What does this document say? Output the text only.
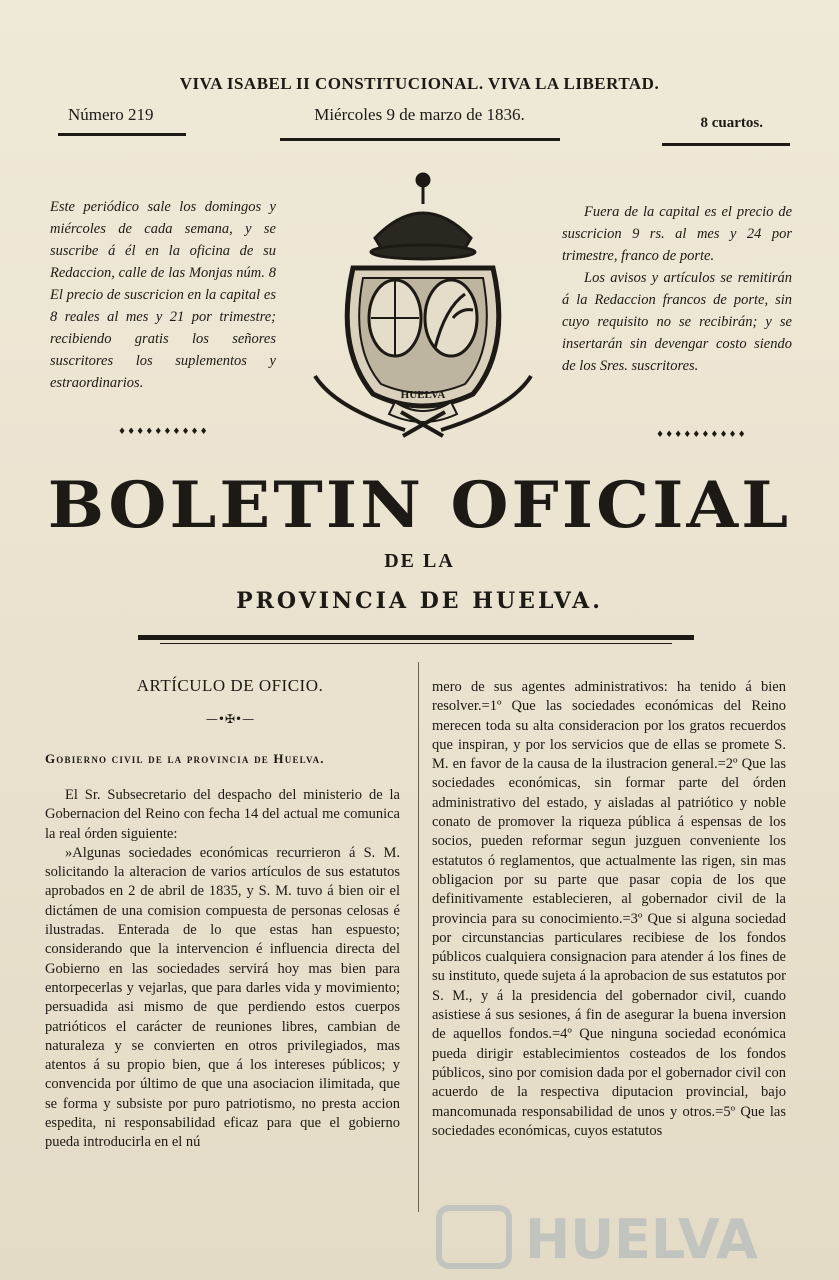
VIVA ISABEL II CONSTITUCIONAL. VIVA LA LIBERTAD.
Número 219	Miércoles 9 de marzo de 1836.	8 cuartos.
Este periódico sale los domingos y miércoles de cada semana, y se suscribe á él en la oficina de su Redaccion, calle de las Monjas núm. 8 El precio de suscricion en la capital es 8 reales al mes y 21 por trimestre; recibiendo gratis los señores suscritores los suplementos y estraordinarios.
♦♦♦♦♦♦♦♦♦♦
Fuera de la capital es el precio de suscricion 9 rs. al mes y 24 por trimestre, franco de porte.
Los avisos y artículos se remitirán á la Redaccion francos de porte, sin cuyo requisito no se recibirán; y se insertarán sin devengar costo siendo de los Sres. suscritores.
♦♦♦♦♦♦♦♦♦♦
HUELVA
BOLETIN OFICIAL
DE LA
PROVINCIA DE HUELVA.
ARTÍCULO DE OFICIO.
—•✠•—
Gobierno civil de la provincia de Huelva.

El Sr. Subsecretario del despacho del ministerio de la Gobernacion del Reino con fecha 14 del actual me comunica la real órden siguiente:

»Algunas sociedades económicas recurrieron á S. M. solicitando la alteracion de varios artículos de sus estatutos aprobados en 2 de abril de 1835, y S. M. tuvo á bien oir el dictámen de una comision compuesta de personas celosas é ilustradas. Enterada de lo que estas han espuesto; considerando que la intervencion é influencia directa del Gobierno en las sociedades servirá hoy mas bien para entorpecerlas y vejarlas, que para darles vida y movimiento; persuadida asi mismo de que perdiendo estos cuerpos patrióticos el carácter de reuniones libres, cambian de naturaleza y se convierten en otros privilegiados, mas atentos á su propio bien, que á los intereses públicos; y convencida por último de que una asociacion ilimitada, que se forma y subsiste por puro patriotismo, no presta accion espedita, ni responsabilidad eficaz para que el gobierno pueda introducirla en el nú

mero de sus agentes administrativos: ha tenido á bien resolver.=1º Que las sociedades económicas del Reino merecen toda su alta consideracion por los gratos recuerdos que inspiran, y por los servicios que de ellas se promete S. M. en favor de la causa de la ilustracion general.=2º Que las sociedades económicas, sin formar parte del órden administrativo del estado, y aisladas al patriótico y noble conato de promover la riqueza pública á espensas de los socios, pueden reformar segun juzguen conveniente los estatutos ó reglamentos, que actualmente las rigen, sin mas obligacion por su parte que pasar copia de los que definitivamente establecieren, al gobernador civil de la provincia para su conocimiento.=3º Que si alguna sociedad por circunstancias particulares recibiese de los fondos públicos cualquiera consignacion para atender á los fines de su instituto, quede sujeta á la aprobacion de sus estatutos por S. M., y á la presidencia del gobernador civil, cuando asistiese á sus sesiones, á fin de asegurar la buena inversion de aquellos fondos.=4º Que ninguna sociedad económica pueda dirigir establecimientos costeados de los fondos públicos, sino por comision dada por el gobernador civil con acuerdo de la respectiva diputacion provincial, bajo mancomunada responsabilidad de unos y otros.=5º Que las sociedades económicas, cuyos estatutos

HUELVA
